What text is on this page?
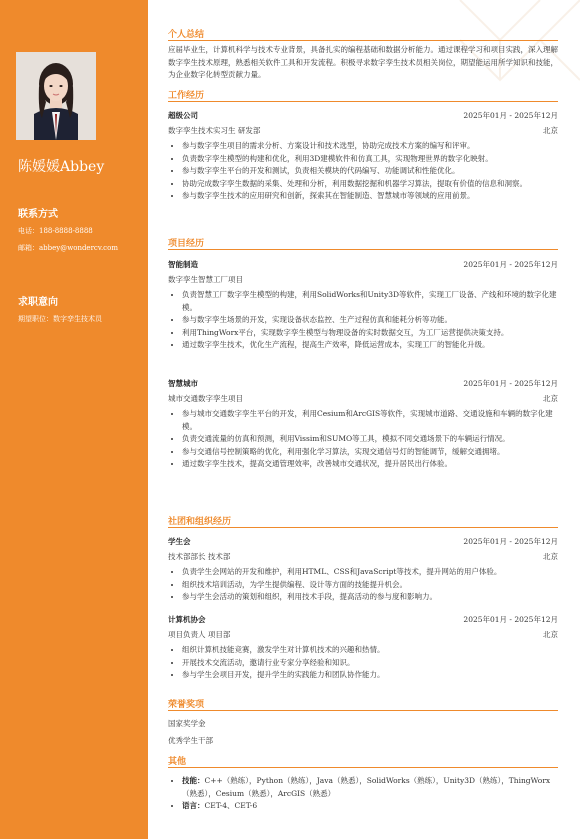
陈媛媛Abbey
联系方式
电话：188-8888-8888
邮箱：abbey@wondercv.com
求职意向
期望职位：数字孪生技术员
个人总结
应届毕业生，计算机科学与技术专业背景，具备扎实的编程基础和数据分析能力。通过课程学习和项目实践，深入理解数字孪生技术原理，熟悉相关软件工具和开发流程。积极寻求数字孪生技术员相关岗位，期望能运用所学知识和技能，为企业数字化转型贡献力量。
工作经历
超级公司	2025年01月 - 2025年12月
数字孪生技术实习生 研发部	北京
• 参与数字孪生项目的需求分析、方案设计和技术选型，协助完成技术方案的编写和评审。
• 负责数字孪生模型的构建和优化，利用3D建模软件和仿真工具，实现物理世界的数字化映射。
• 参与数字孪生平台的开发和测试，负责相关模块的代码编写、功能调试和性能优化。
• 协助完成数字孪生数据的采集、处理和分析，利用数据挖掘和机器学习算法，提取有价值的信息和洞察。
• 参与数字孪生技术的应用研究和创新，探索其在智能制造、智慧城市等领域的应用前景。
项目经历
智能制造	2025年01月 - 2025年12月
数字孪生智慧工厂项目
• 负责智慧工厂数字孪生模型的构建，利用SolidWorks和Unity3D等软件，实现工厂设备、产线和环境的数字化建模。
• 参与数字孪生场景的开发，实现设备状态监控、生产过程仿真和能耗分析等功能。
• 利用ThingWorx平台，实现数字孪生模型与物理设备的实时数据交互，为工厂运营提供决策支持。
• 通过数字孪生技术，优化生产流程，提高生产效率，降低运营成本，实现工厂的智能化升级。
智慧城市	2025年01月 - 2025年12月
城市交通数字孪生项目	北京
• 参与城市交通数字孪生平台的开发，利用Cesium和ArcGIS等软件，实现城市道路、交通设施和车辆的数字化建模。
• 负责交通流量的仿真和预测，利用Vissim和SUMO等工具，模拟不同交通场景下的车辆运行情况。
• 参与交通信号控制策略的优化，利用强化学习算法，实现交通信号灯的智能调节，缓解交通拥堵。
• 通过数字孪生技术，提高交通管理效率，改善城市交通状况，提升居民出行体验。
社团和组织经历
学生会	2025年01月 - 2025年12月
技术部部长 技术部	北京
• 负责学生会网站的开发和维护，利用HTML、CSS和JavaScript等技术，提升网站的用户体验。
• 组织技术培训活动，为学生提供编程、设计等方面的技能提升机会。
• 参与学生会活动的策划和组织，利用技术手段，提高活动的参与度和影响力。
计算机协会	2025年01月 - 2025年12月
项目负责人 项目部	北京
• 组织计算机技能竞赛，激发学生对计算机技术的兴趣和热情。
• 开展技术交流活动，邀请行业专家分享经验和知识。
• 参与学生会项目开发，提升学生的实践能力和团队协作能力。
荣誉奖项
国家奖学金
优秀学生干部
其他
• 技能：C++（熟练），Python（熟练），Java（熟悉），SolidWorks（熟练），Unity3D（熟练），ThingWorx（熟悉），Cesium（熟悉），ArcGIS（熟悉）
• 语言：CET-4、CET-6
